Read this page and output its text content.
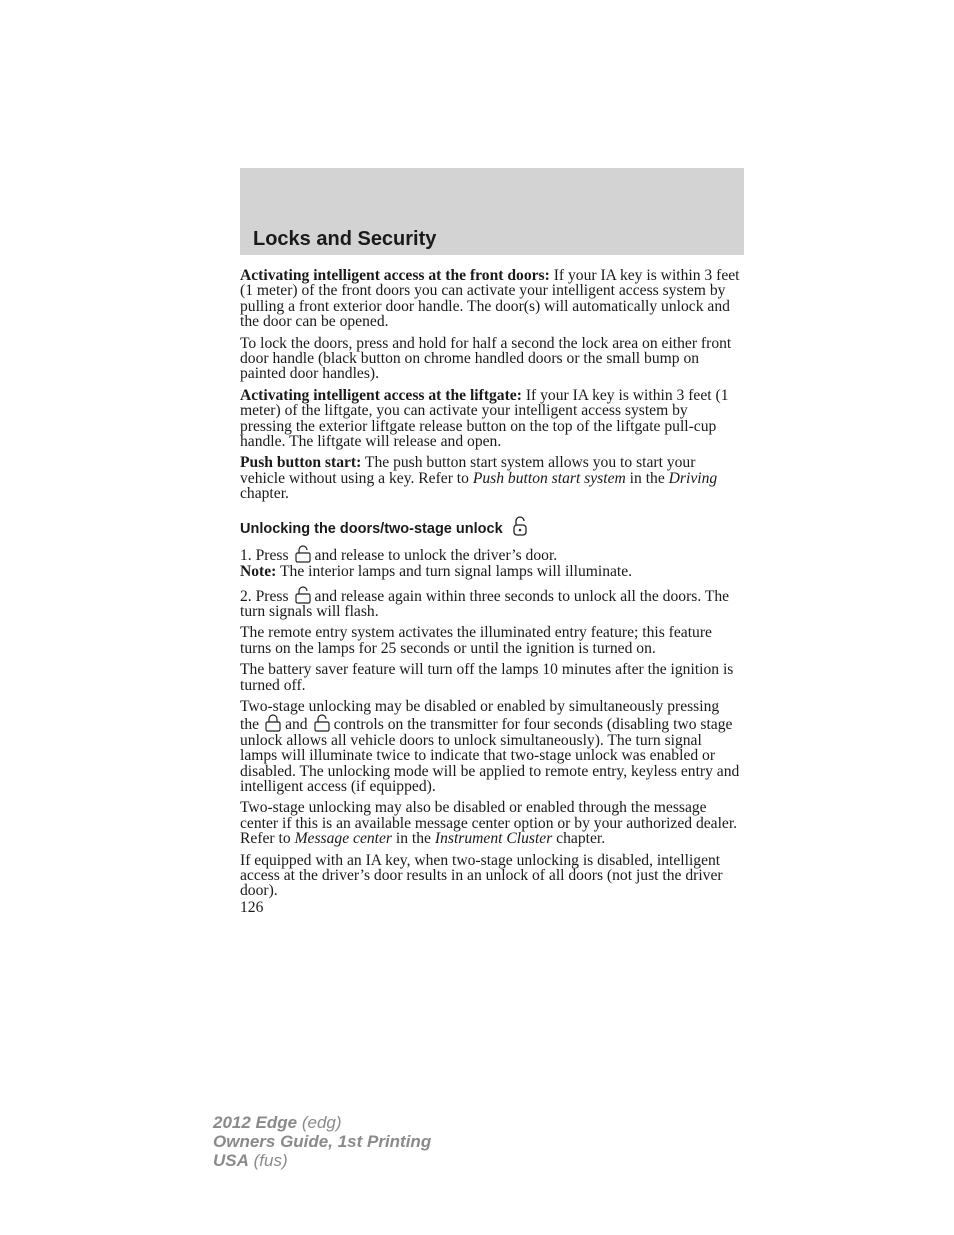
Locks and Security

Activating intelligent access at the front doors: If your IA key is within 3 feet (1 meter) of the front doors you can activate your intelligent access system by pulling a front exterior door handle. The door(s) will automatically unlock and the door can be opened.

To lock the doors, press and hold for half a second the lock area on either front door handle (black button on chrome handled doors or the small bump on painted door handles).

Activating intelligent access at the liftgate: If your IA key is within 3 feet (1 meter) of the liftgate, you can activate your intelligent access system by pressing the exterior liftgate release button on the top of the liftgate pull-cup handle. The liftgate will release and open.

Push button start: The push button start system allows you to start your vehicle without using a key. Refer to Push button start system in the Driving chapter.

Unlocking the doors/two-stage unlock

1. Press and release to unlock the driver’s door.

Note: The interior lamps and turn signal lamps will illuminate.

2. Press and release again within three seconds to unlock all the doors. The turn signals will flash.

The remote entry system activates the illuminated entry feature; this feature turns on the lamps for 25 seconds or until the ignition is turned on.

The battery saver feature will turn off the lamps 10 minutes after the ignition is turned off.

Two-stage unlocking may be disabled or enabled by simultaneously pressing the and controls on the transmitter for four seconds (disabling two stage unlock allows all vehicle doors to unlock simultaneously). The turn signal lamps will illuminate twice to indicate that two-stage unlock was enabled or disabled. The unlocking mode will be applied to remote entry, keyless entry and intelligent access (if equipped).

Two-stage unlocking may also be disabled or enabled through the message center if this is an available message center option or by your authorized dealer. Refer to Message center in the Instrument Cluster chapter.

If equipped with an IA key, when two-stage unlocking is disabled, intelligent access at the driver’s door results in an unlock of all doors (not just the driver door).

126

2012 Edge (edg)
Owners Guide, 1st Printing
USA (fus)
